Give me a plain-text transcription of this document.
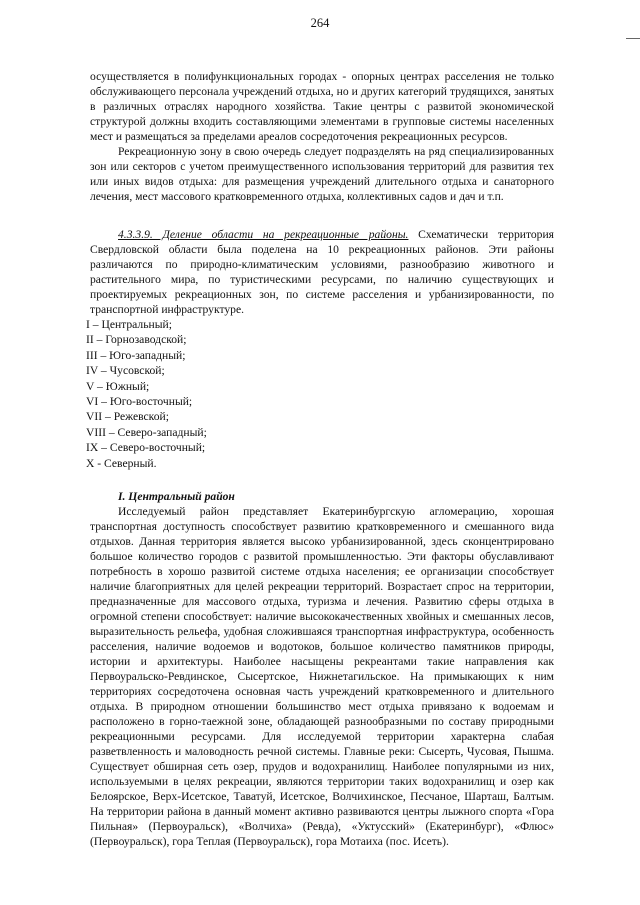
264

осуществляется в полифункциональных городах - опорных центрах расселения не только обслуживающего персонала учреждений отдыха, но и других категорий трудящихся, занятых в различных отраслях народного хозяйства. Такие центры с развитой экономической структурой должны входить составляющими элементами в групповые системы населенных мест и размещаться за пределами ареалов сосредоточения рекреационных ресурсов.

Рекреационную зону в свою очередь следует подразделять на ряд специализированных зон или секторов с учетом преимущественного использования территорий для развития тех или иных видов отдыха: для размещения учреждений длительного отдыха и санаторного лечения, мест массового кратковременного отдыха, коллективных садов и дач и т.п.

4.3.3.9. Деление области на рекреационные районы. Схематически территория Свердловской области была поделена на 10 рекреационных районов. Эти районы различаются по природно-климатическим условиями, разнообразию животного и растительного мира, по туристическими ресурсами, по наличию существующих и проектируемых рекреационных зон, по системе расселения и урбанизированности, по транспортной инфраструктуре.

I – Центральный;
II – Горнозаводской;
III – Юго-западный;
IV – Чусовской;
V – Южный;
VI – Юго-восточный;
VII – Режевской;
VIII – Северо-западный;
IX – Северо-восточный;
X - Северный.

I. Центральный район

Исследуемый район представляет Екатеринбургскую агломерацию, хорошая транспортная доступность способствует развитию кратковременного и смешанного вида отдыхов. Данная территория является высоко урбанизированной, здесь сконцентрировано большое количество городов с развитой промышленностью. Эти факторы обуславливают потребность в хорошо развитой системе отдыха населения; ее организации способствует наличие благоприятных для целей рекреации территорий. Возрастает спрос на территории, предназначенные для массового отдыха, туризма и лечения. Развитию сферы отдыха в огромной степени способствует: наличие высококачественных хвойных и смешанных лесов, выразительность рельефа, удобная сложившаяся транспортная инфраструктура, особенность расселения, наличие водоемов и водотоков, большое количество памятников природы, истории и архитектуры. Наиболее насыщены рекреантами такие направления как Первоуральско-Ревдинское, Сысертское, Нижнетагильское. На примыкающих к ним территориях сосредоточена основная часть учреждений кратковременного и длительного отдыха. В природном отношении большинство мест отдыха привязано к водоемам и расположено в горно-таежной зоне, обладающей разнообразными по составу природными рекреационными ресурсами. Для исследуемой территории характерна слабая разветвленность и маловодность речной системы. Главные реки: Сысерть, Чусовая, Пышма. Существует обширная сеть озер, прудов и водохранилищ. Наиболее популярными из них, используемыми в целях рекреации, являются территории таких водохранилищ и озер как Белоярское, Верх-Исетское, Таватуй, Исетское, Волчихинское, Песчаное, Шарташ, Балтым. На территории района в данный момент активно развиваются центры лыжного спорта «Гора Пильная» (Первоуральск), «Волчиха» (Ревда), «Уктусский» (Екатеринбург), «Флюс» (Первоуральск), гора Теплая (Первоуральск), гора Мотаиха (пос. Исеть).
